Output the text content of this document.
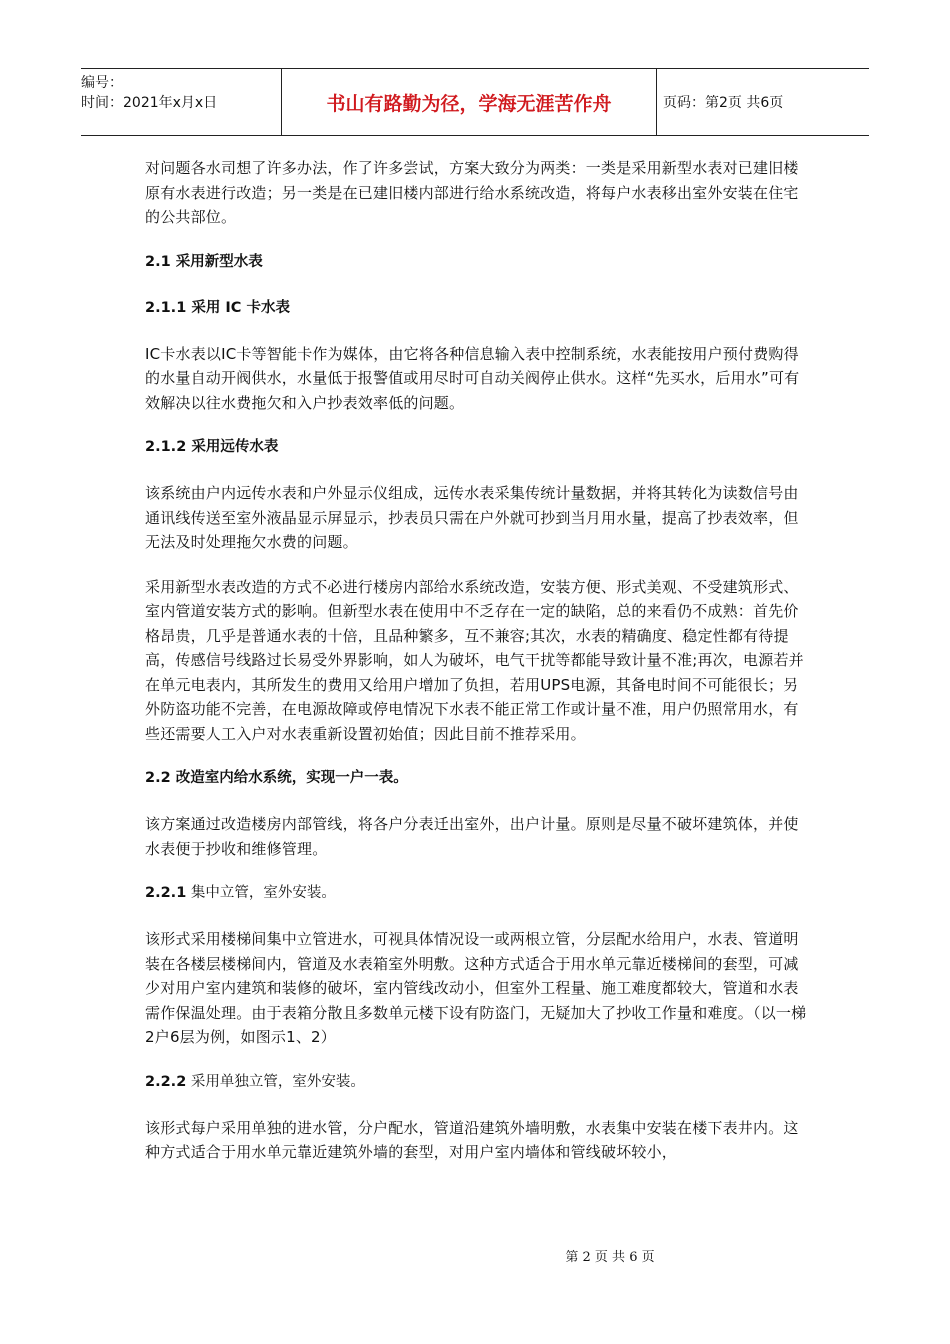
编号：
时间：2021年x月x日	书山有路勤为径，学海无涯苦作舟	页码：第2页 共6页

对问题各水司想了许多办法，作了许多尝试，方案大致分为两类：一类是采用新型水表对已建旧楼原有水表进行改造；另一类是在已建旧楼内部进行给水系统改造，将每户水表移出室外安装在住宅的公共部位。

2.1 采用新型水表
2.1.1 采用 IC 卡水表

IC卡水表以IC卡等智能卡作为媒体，由它将各种信息输入表中控制系统，水表能按用户预付费购得的水量自动开阀供水，水量低于报警值或用尽时可自动关阀停止供水。这样“先买水，后用水”可有效解决以往水费拖欠和入户抄表效率低的问题。

2.1.2 采用远传水表

该系统由户内远传水表和户外显示仪组成，远传水表采集传统计量数据，并将其转化为读数信号由通讯线传送至室外液晶显示屏显示，抄表员只需在户外就可抄到当月用水量，提高了抄表效率，但无法及时处理拖欠水费的问题。

采用新型水表改造的方式不必进行楼房内部给水系统改造，安装方便、形式美观、不受建筑形式、室内管道安装方式的影响。但新型水表在使用中不乏存在一定的缺陷，总的来看仍不成熟：首先价格昂贵，几乎是普通水表的十倍，且品种繁多，互不兼容;其次，水表的精确度、稳定性都有待提高，传感信号线路过长易受外界影响，如人为破坏，电气干扰等都能导致计量不准;再次，电源若并在单元电表内，其所发生的费用又给用户增加了负担，若用UPS电源，其备电时间不可能很长；另外防盗功能不完善，在电源故障或停电情况下水表不能正常工作或计量不准，用户仍照常用水，有些还需要人工入户对水表重新设置初始值；因此目前不推荐采用。

2.2 改造室内给水系统，实现一户一表。

该方案通过改造楼房内部管线，将各户分表迁出室外，出户计量。原则是尽量不破坏建筑体，并使水表便于抄收和维修管理。

2.2.1 集中立管，室外安装。

该形式采用楼梯间集中立管进水，可视具体情况设一或两根立管，分层配水给用户，水表、管道明装在各楼层楼梯间内，管道及水表箱室外明敷。这种方式适合于用水单元靠近楼梯间的套型，可减少对用户室内建筑和装修的破坏，室内管线改动小，但室外工程量、施工难度都较大，管道和水表需作保温处理。由于表箱分散且多数单元楼下设有防盗门，无疑加大了抄收工作量和难度。（以一梯2户6层为例，如图示1、2）

2.2.2 采用单独立管，室外安装。

该形式每户采用单独的进水管，分户配水，管道沿建筑外墙明敷，水表集中安装在楼下表井内。这种方式适合于用水单元靠近建筑外墙的套型，对用户室内墙体和管线破坏较小，

第 2 页 共 6 页
